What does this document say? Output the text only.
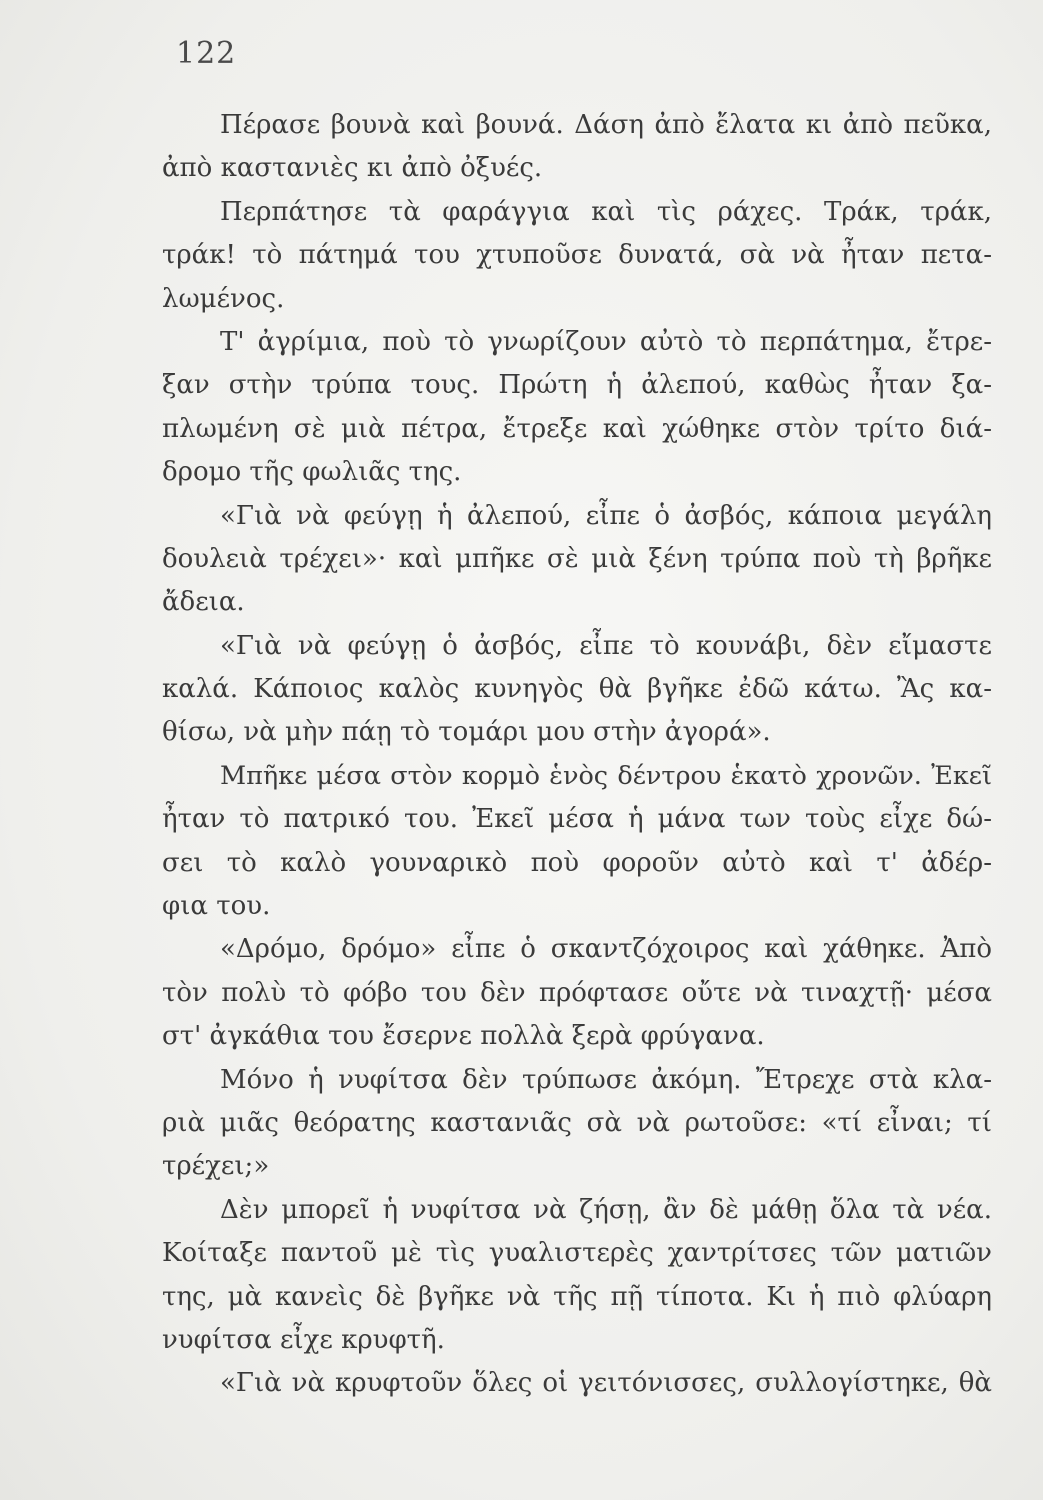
122
Πέρασε βουνὰ καὶ βουνά. Δάση ἀπὸ ἔλατα κι ἀπὸ πεῦκα,
ἀπὸ καστανιὲς κι ἀπὸ ὀξυές.
Περπάτησε τὰ φαράγγια καὶ τὶς ράχες. Τράκ, τράκ,
τράκ! τὸ πάτημά του χτυποῦσε δυνατά, σὰ νὰ ἦταν πετα-
λωμένος.
Τ' ἀγρίμια, ποὺ τὸ γνωρίζουν αὐτὸ τὸ περπάτημα, ἔτρε-
ξαν στὴν τρύπα τους. Πρώτη ἡ ἀλεπού, καθὼς ἦταν ξα-
πλωμένη σὲ μιὰ πέτρα, ἔτρεξε καὶ χώθηκε στὸν τρίτο διά-
δρομο τῆς φωλιᾶς της.
«Γιὰ νὰ φεύγῃ ἡ ἀλεπού, εἶπε ὁ ἀσβός, κάποια μεγάλη
δουλειὰ τρέχει»· καὶ μπῆκε σὲ μιὰ ξένη τρύπα ποὺ τὴ βρῆκε
ἄδεια.
«Γιὰ νὰ φεύγῃ ὁ ἀσβός, εἶπε τὸ κουνάβι, δὲν εἴμαστε
καλά. Κάποιος καλὸς κυνηγὸς θὰ βγῆκε ἐδῶ κάτω. Ἂς κα-
θίσω, νὰ μὴν πάῃ τὸ τομάρι μου στὴν ἀγορά».
Μπῆκε μέσα στὸν κορμὸ ἑνὸς δέντρου ἑκατὸ χρονῶν. Ἐκεῖ
ἦταν τὸ πατρικό του. Ἐκεῖ μέσα ἡ μάνα των τοὺς εἶχε δώ-
σει τὸ καλὸ γουναρικὸ ποὺ φοροῦν αὐτὸ καὶ τ' ἀδέρ-
φια του.
«Δρόμο, δρόμο» εἶπε ὁ σκαντζόχοιρος καὶ χάθηκε. Ἀπὸ
τὸν πολὺ τὸ φόβο του δὲν πρόφτασε οὔτε νὰ τιναχτῇ· μέσα
στ' ἀγκάθια του ἔσερνε πολλὰ ξερὰ φρύγανα.
Μόνο ἡ νυφίτσα δὲν τρύπωσε ἀκόμη. Ἔτρεχε στὰ κλα-
ριὰ μιᾶς θεόρατης καστανιᾶς σὰ νὰ ρωτοῦσε: «τί εἶναι; τί
τρέχει;»
Δὲν μπορεῖ ἡ νυφίτσα νὰ ζήσῃ, ἂν δὲ μάθῃ ὅλα τὰ νέα.
Κοίταξε παντοῦ μὲ τὶς γυαλιστερὲς χαντρίτσες τῶν ματιῶν
της, μὰ κανεὶς δὲ βγῆκε νὰ τῆς πῇ τίποτα. Κι ἡ πιὸ φλύαρη
νυφίτσα εἶχε κρυφτῆ.
«Γιὰ νὰ κρυφτοῦν ὅλες οἱ γειτόνισσες, συλλογίστηκε, θὰ
